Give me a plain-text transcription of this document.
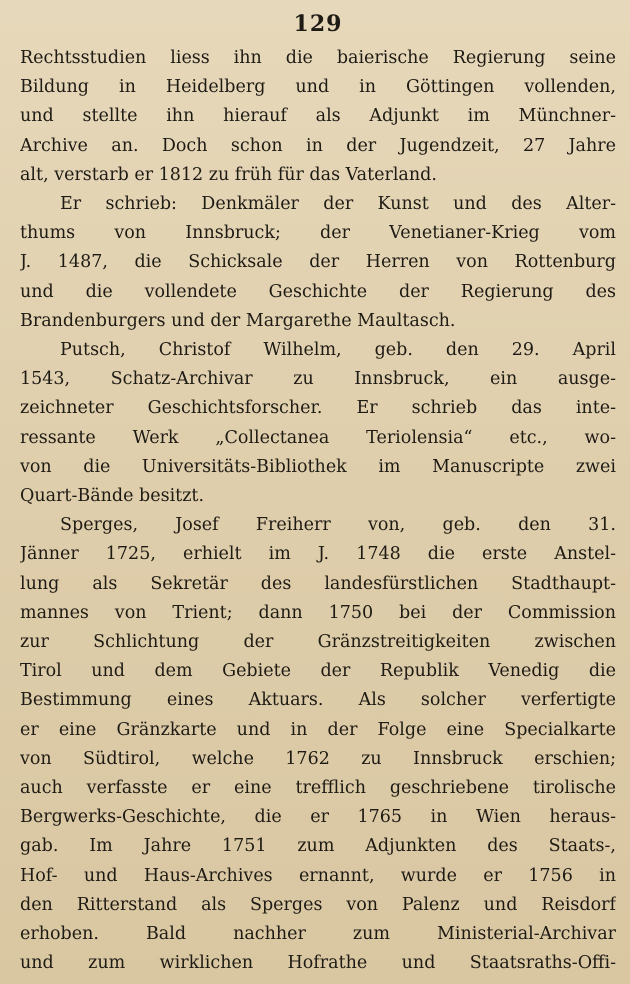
129
Rechtsstudien liess ihn die baierische Regierung seine
Bildung in Heidelberg und in Göttingen vollenden,
und stellte ihn hierauf als Adjunkt im Münchner-
Archive an. Doch schon in der Jugendzeit, 27 Jahre
alt, verstarb er 1812 zu früh für das Vaterland.
Er schrieb: Denkmäler der Kunst und des Alter-
thums von Innsbruck; der Venetianer-Krieg vom
J. 1487, die Schicksale der Herren von Rottenburg
und die vollendete Geschichte der Regierung des
Brandenburgers und der Margarethe Maultasch.
Putsch, Christof Wilhelm, geb. den 29. April
1543, Schatz-Archivar zu Innsbruck, ein ausge-
zeichneter Geschichtsforscher. Er schrieb das inte-
ressante Werk „Collectanea Teriolensia“ etc., wo-
von die Universitäts-Bibliothek im Manuscripte zwei
Quart-Bände besitzt.
Sperges, Josef Freiherr von, geb. den 31.
Jänner 1725, erhielt im J. 1748 die erste Anstel-
lung als Sekretär des landesfürstlichen Stadthaupt-
mannes von Trient; dann 1750 bei der Commission
zur Schlichtung der Gränzstreitigkeiten zwischen
Tirol und dem Gebiete der Republik Venedig die
Bestimmung eines Aktuars. Als solcher verfertigte
er eine Gränzkarte und in der Folge eine Specialkarte
von Südtirol, welche 1762 zu Innsbruck erschien;
auch verfasste er eine trefflich geschriebene tirolische
Bergwerks-Geschichte, die er 1765 in Wien heraus-
gab. Im Jahre 1751 zum Adjunkten des Staats-,
Hof- und Haus-Archives ernannt, wurde er 1756 in
den Ritterstand als Sperges von Palenz und Reisdorf
erhoben. Bald nachher zum Ministerial-Archivar
und zum wirklichen Hofrathe und Staatsraths-Offi-
